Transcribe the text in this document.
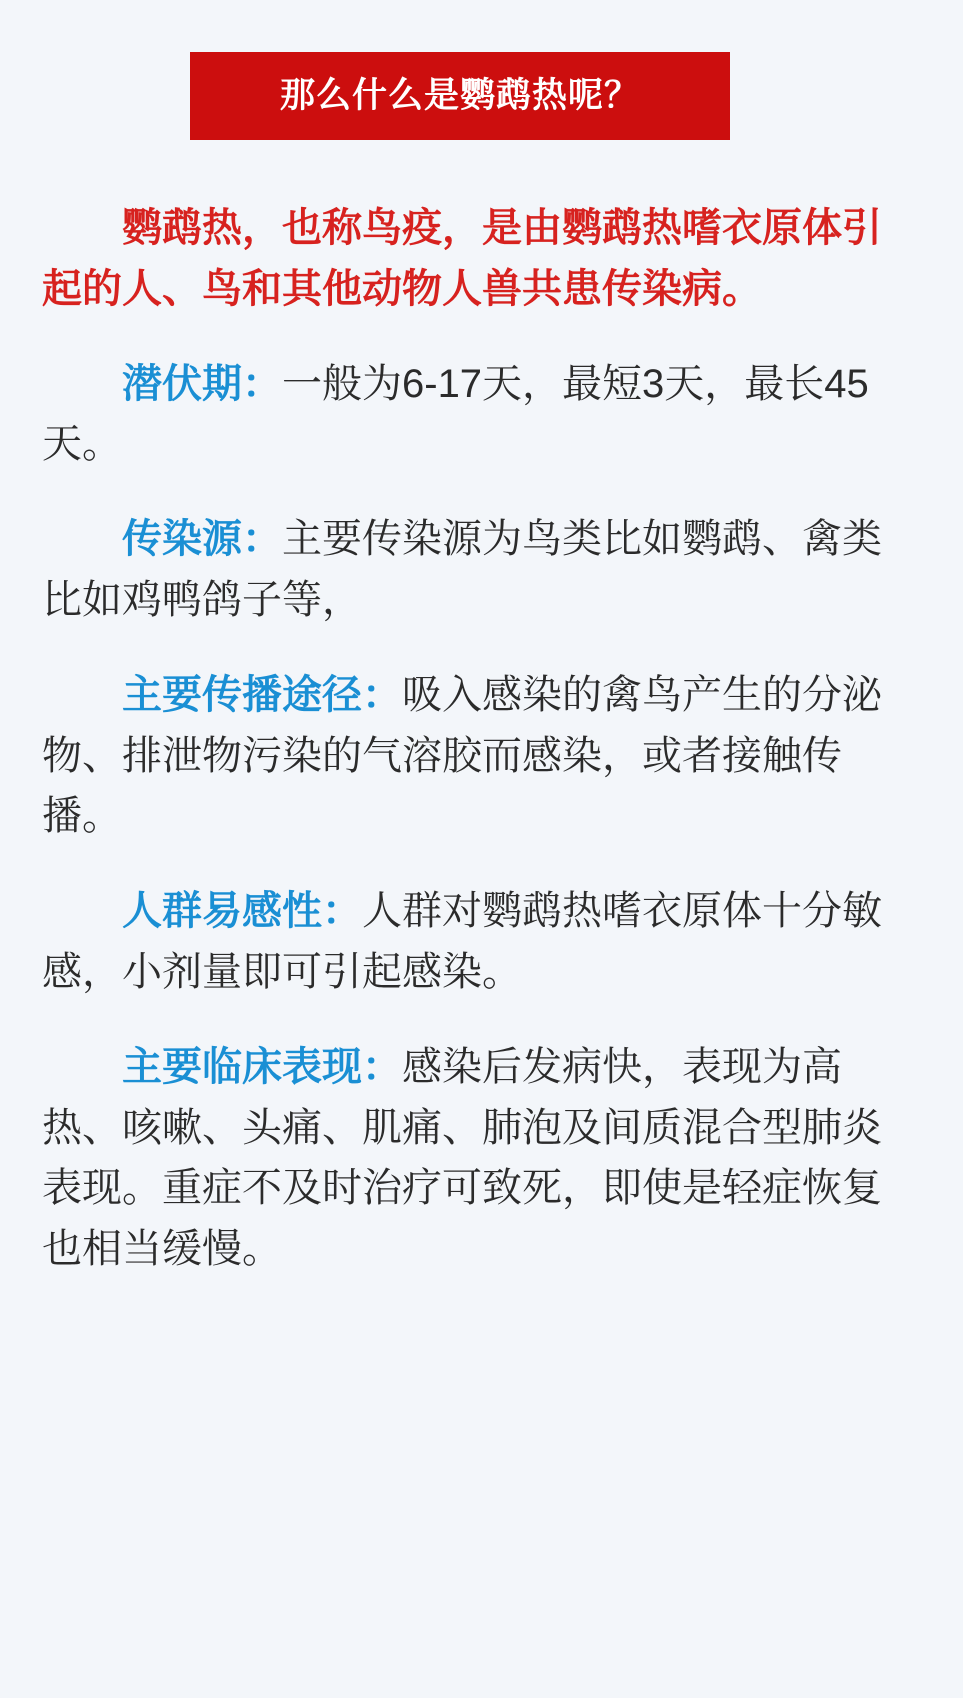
那么什么是鹦鹉热呢？

鹦鹉热，也称鸟疫，是由鹦鹉热嗜衣原体引起的人、鸟和其他动物人兽共患传染病。

潜伏期：一般为6-17天，最短3天，最长45天。

传染源：主要传染源为鸟类比如鹦鹉、禽类比如鸡鸭鸽子等，

主要传播途径：吸入感染的禽鸟产生的分泌物、排泄物污染的气溶胶而感染，或者接触传播。

人群易感性：人群对鹦鹉热嗜衣原体十分敏感，小剂量即可引起感染。

主要临床表现：感染后发病快，表现为高热、咳嗽、头痛、肌痛、肺泡及间质混合型肺炎表现。重症不及时治疗可致死，即使是轻症恢复也相当缓慢。
